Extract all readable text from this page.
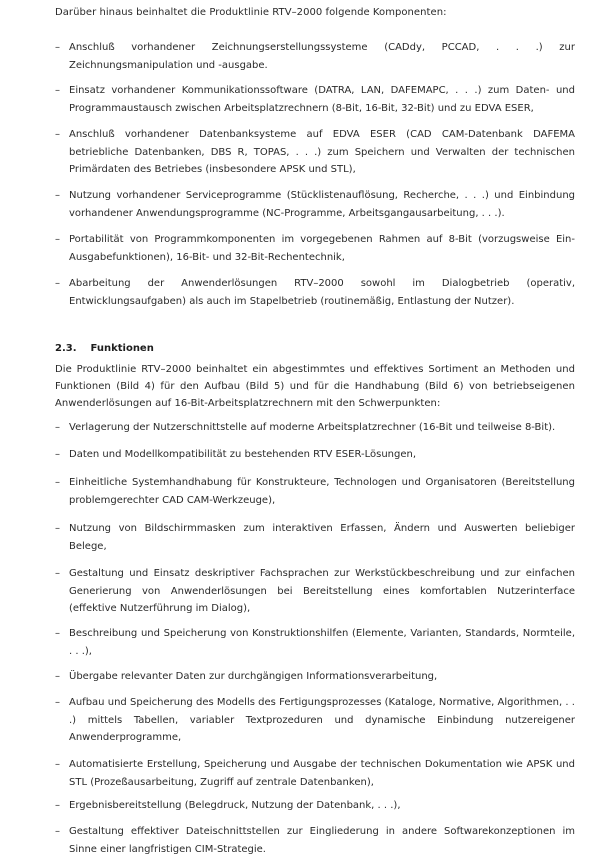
Darüber hinaus beinhaltet die Produktlinie RTV–2000 folgende Komponenten:

– Anschluß vorhandener Zeichnungserstellungssysteme (CADdy, PCCAD, . . .) zur Zeichnungsmanipulation und -ausgabe.
– Einsatz vorhandener Kommunikationssoftware (DATRA, LAN, DAFEMAPC, . . .) zum Daten- und Programmaustausch zwischen Arbeitsplatzrechnern (8-Bit, 16-Bit, 32-Bit) und zu EDVA ESER,
– Anschluß vorhandener Datenbanksysteme auf EDVA ESER (CAD CAM-Datenbank DAFEMA betriebliche Datenbanken, DBS R, TOPAS, . . .) zum Speichern und Verwalten der technischen Primärdaten des Betriebes (insbesondere APSK und STL),
– Nutzung vorhandener Serviceprogramme (Stücklistenauflösung, Recherche, . . .) und Einbindung vorhandener Anwendungsprogramme (NC-Programme, Arbeitsgangausarbeitung, . . .).
– Portabilität von Programmkomponenten im vorgegebenen Rahmen auf 8-Bit (vorzugsweise Ein- Ausgabefunktionen), 16-Bit- und 32-Bit-Rechentechnik,
– Abarbeitung der Anwenderlösungen RTV–2000 sowohl im Dialogbetrieb (operativ, Entwicklungsaufgaben) als auch im Stapelbetrieb (routinemäßig, Entlastung der Nutzer).
2.3. Funktionen

Die Produktlinie RTV–2000 beinhaltet ein abgestimmtes und effektives Sortiment an Methoden und Funktionen (Bild 4) für den Aufbau (Bild 5) und für die Handhabung (Bild 6) von betriebseigenen Anwenderlösungen auf 16-Bit-Arbeitsplatzrechnern mit den Schwerpunkten:

– Verlagerung der Nutzerschnittstelle auf moderne Arbeitsplatzrechner (16-Bit und teilweise 8-Bit).
– Daten und Modellkompatibilität zu bestehenden RTV ESER-Lösungen,
– Einheitliche Systemhandhabung für Konstrukteure, Technologen und Organisatoren (Bereitstellung problemgerechter CAD CAM-Werkzeuge),
– Nutzung von Bildschirmmasken zum interaktiven Erfassen, Ändern und Auswerten beliebiger Belege,
– Gestaltung und Einsatz deskriptiver Fachsprachen zur Werkstückbeschreibung und zur einfachen Generierung von Anwenderlösungen bei Bereitstellung eines komfortablen Nutzerinterface (effektive Nutzerführung im Dialog),
– Beschreibung und Speicherung von Konstruktionshilfen (Elemente, Varianten, Standards, Normteile, . . .),
– Übergabe relevanter Daten zur durchgängigen Informationsverarbeitung,
– Aufbau und Speicherung des Modells des Fertigungsprozesses (Kataloge, Normative, Algorithmen, . . .) mittels Tabellen, variabler Textprozeduren und dynamische Einbindung nutzereigener Anwenderprogramme,
– Automatisierte Erstellung, Speicherung und Ausgabe der technischen Dokumentation wie APSK und STL (Prozeßausarbeitung, Zugriff auf zentrale Datenbanken),
– Ergebnisbereitstellung (Belegdruck, Nutzung der Datenbank, . . .),
– Gestaltung effektiver Dateischnittstellen zur Eingliederung in andere Softwarekonzeptionen im Sinne einer langfristigen CIM-Strategie.
